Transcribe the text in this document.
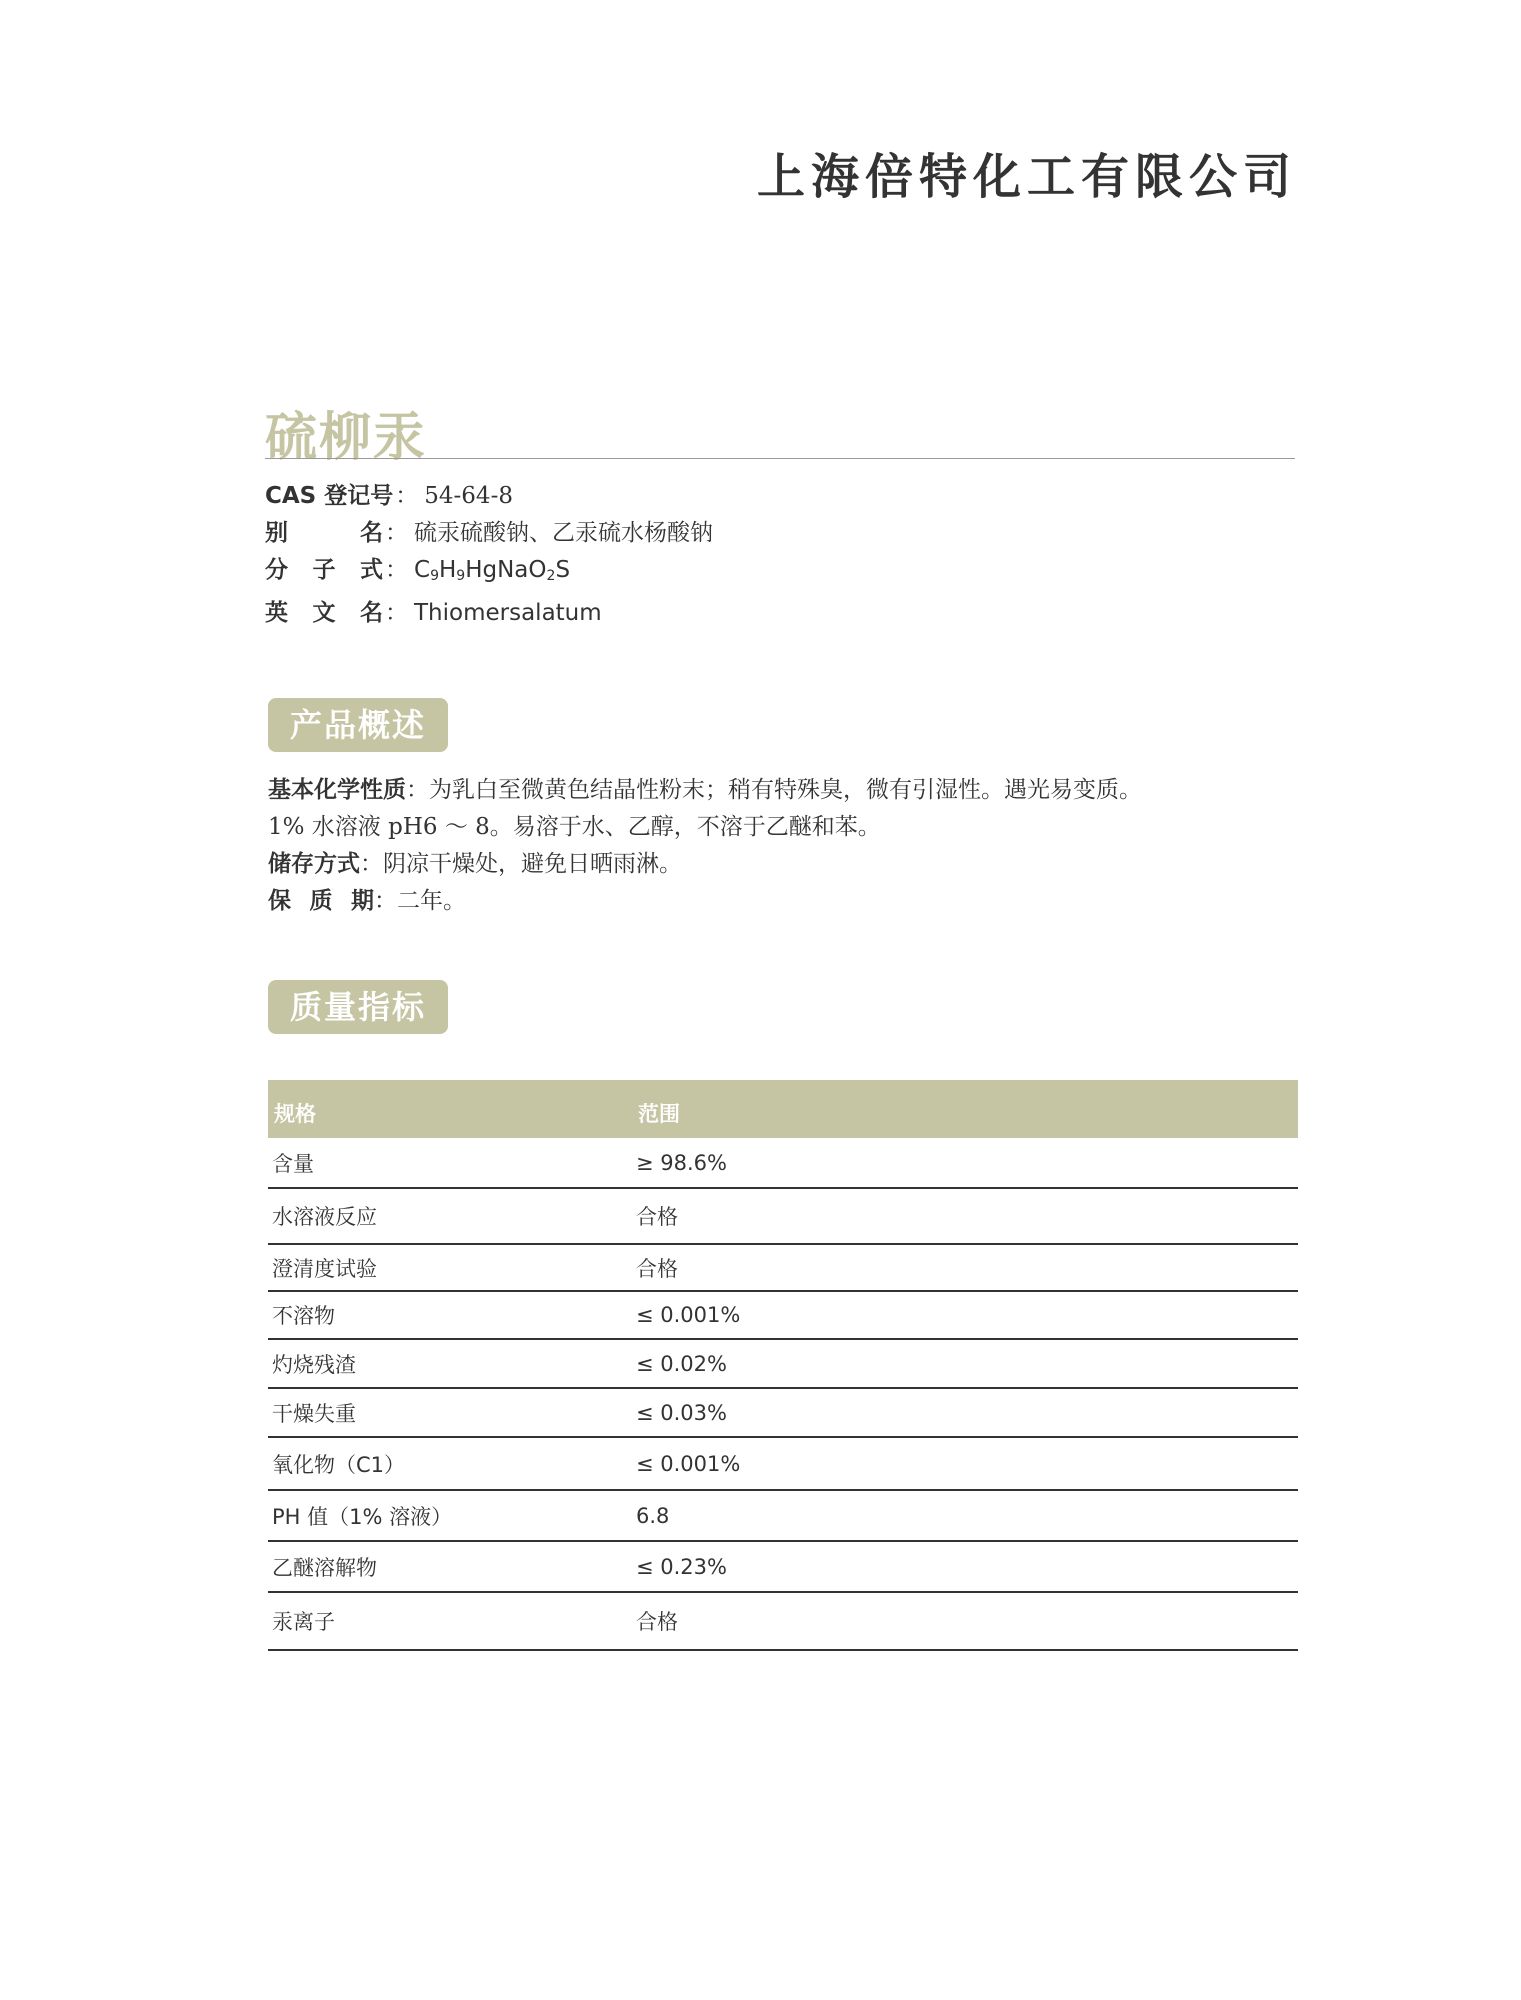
上海倍特化工有限公司
硫柳汞
CAS 登记号 ： 54-64-8
别	名 ： 硫汞硫酸钠、乙汞硫水杨酸钠
分 子 式 ： $C_9H_9HgNaO_2S$
英 文 名 ： Thiomersalatum
产品概述
基本化学性质：为乳白至微黄色结晶性粉末；稍有特殊臭，微有引湿性。遇光易变质。
1% 水溶液 pH6 ～ 8。易溶于水、乙醇，不溶于乙醚和苯。
储存方式：阴凉干燥处，避免日晒雨淋。
保 质 期 ： 二年。
质量指标
规格	范围
含量	≥ 98.6%
水溶液反应	合格
澄清度试验	合格
不溶物	≤ 0.001%
灼烧残渣	≤ 0.02%
干燥失重	≤ 0.03%
氧化物（C1）	≤ 0.001%
PH 值（1% 溶液）	6.8
乙醚溶解物	≤ 0.23%
汞离子	合格
